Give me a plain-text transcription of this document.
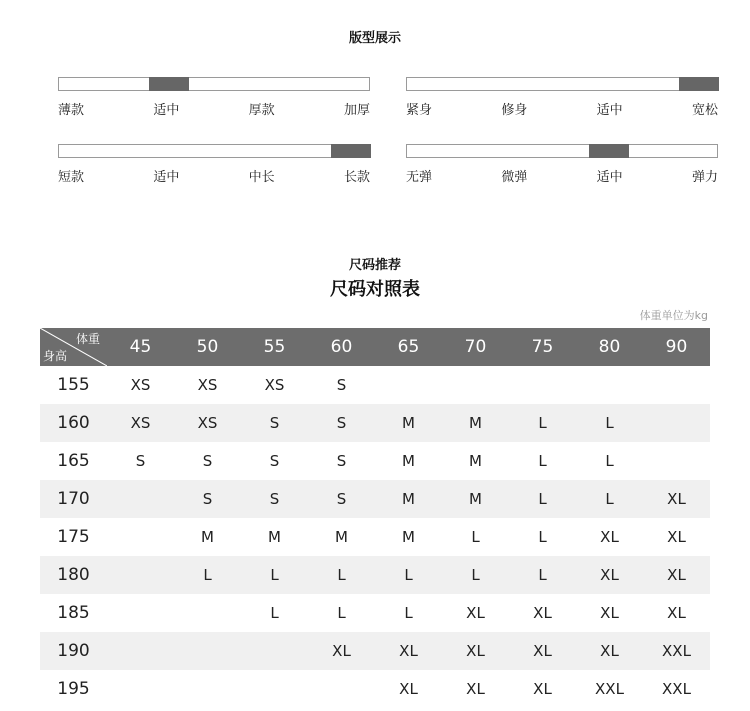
版型展示
薄款	适中	厚款	加厚	紧身	修身	适中	宽松
短款	适中	中长	长款	无弹	微弹	适中	弹力
尺码推荐
尺码对照表
体重单位为kg
体重
身高	45	50	55	60	65	70	75	80	90
155	XS	XS	XS	S					
160	XS	XS	S	S	M	M	L	L	
165	S	S	S	S	M	M	L	L	
170		S	S	S	M	M	L	L	XL
175		M	M	M	M	L	L	XL	XL
180		L	L	L	L	L	L	XL	XL
185			L	L	L	XL	XL	XL	XL
190				XL	XL	XL	XL	XL	XXL
195					XL	XL	XL	XXL	XXL
